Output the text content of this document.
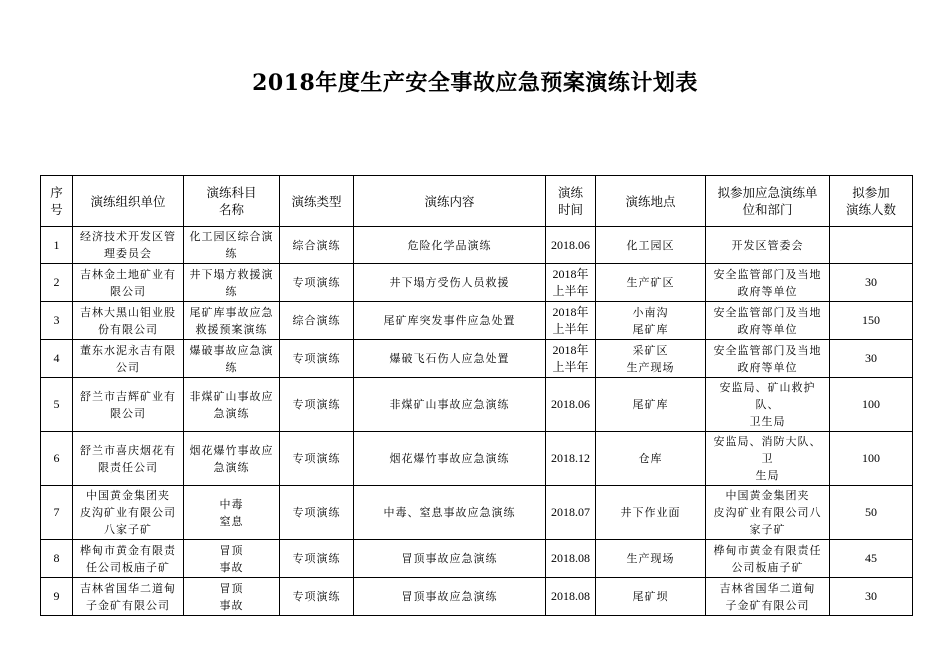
2018年度生产安全事故应急预案演练计划表
序
号	演练组织单位	演练科目
名称	演练类型	演练内容	演练
时间	演练地点	拟参加应急演练单
位和部门	拟参加
演练人数
1	经济技术开发区管
理委员会	化工园区综合演
练	综合演练	危险化学品演练	2018.06	化工园区	开发区管委会	
2	吉林金土地矿业有
限公司	井下塌方救援演
练	专项演练	井下塌方受伤人员救援	2018年
上半年	生产矿区	安全监管部门及当地
政府等单位	30
3	吉林大黑山钼业股
份有限公司	尾矿库事故应急
救援预案演练	综合演练	尾矿库突发事件应急处置	2018年
上半年	小南沟
尾矿库	安全监管部门及当地
政府等单位	150
4	董东水泥永吉有限
公司	爆破事故应急演
练	专项演练	爆破飞石伤人应急处置	2018年
上半年	采矿区
生产现场	安全监管部门及当地
政府等单位	30
5	舒兰市吉辉矿业有
限公司	非煤矿山事故应
急演练	专项演练	非煤矿山事故应急演练	2018.06	尾矿库	安监局、矿山救护队、
卫生局	100
6	舒兰市喜庆烟花有
限责任公司	烟花爆竹事故应
急演练	专项演练	烟花爆竹事故应急演练	2018.12	仓库	安监局、消防大队、卫
生局	100
7	中国黄金集团夹
皮沟矿业有限公司
八家子矿	中毒
窒息	专项演练	中毒、窒息事故应急演练	2018.07	井下作业面	中国黄金集团夹
皮沟矿业有限公司八
家子矿	50
8	桦甸市黄金有限责
任公司板庙子矿	冒顶
事故	专项演练	冒顶事故应急演练	2018.08	生产现场	桦甸市黄金有限责任
公司板庙子矿	45
9	吉林省国华二道甸
子金矿有限公司	冒顶
事故	专项演练	冒顶事故应急演练	2018.08	尾矿坝	吉林省国华二道甸
子金矿有限公司	30
